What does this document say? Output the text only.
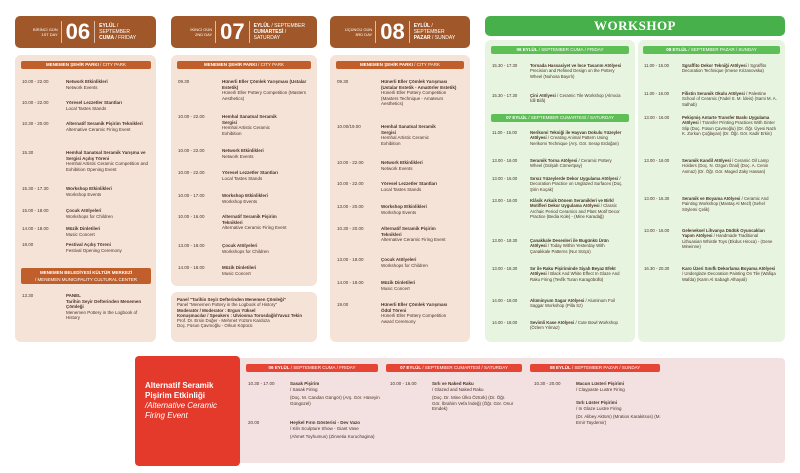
BİRİNCİ GÜN
1ST DAY 06	EYLÜL / SEPTEMBER
CUMA / FRIDAY
İKİNCİ GÜN
2ND DAY 07	EYLÜL / SEPTEMBER
CUMARTESİ / SATURDAY
ÜÇÜNCÜ GÜN
3RD DAY 08	EYLÜL / SEPTEMBER
PAZAR / SUNDAY
MENEMEN ŞEHİR PARKI / CITY PARK
10.00 - 22.00	Network Etkinlikleri
Network Events
10.00 - 22.00	Yöresel Lezzetler Stantları
Local Tastes Stands
10.30 - 20.00	Alternatif Seramik Pişirim Teknikleri
Alternative Ceramic Firing Event
15.30	Hemhal Sanatsal Seramik Yarışma ve Sergisi Açılış Töreni
Hemhal Artistic Ceramic Competition and Exhibition Opening Event
15.30 - 17.30	Workshop Etkinlikleri
Workshop Events
15.00 - 18.00	Çocuk Atölyeleri
Workshops for Children
14.00 - 18.00	Müzik Dinletileri
Music Concert
18.00	Festival Açılış Töreni
Festival Opening Ceremony
MENEMEN BELEDİYESİ KÜLTÜR MERKEZİ
/ MENEMEN MUNICIPALITY CULTURAL CENTER
13.30	PANEL
Tarihin Seyir Defterinden Menemen Çömleği
Menemen Pottery in the Logbook of History
MENEMEN ŞEHİR PARKI / CITY PARK
09.30	Hünerli Eller Çömlek Yarışması (Ustalar Estetik)
Hünerli Eller Pottery Competition (Masters Aesthetics)
10.00 - 22.00	Hemhal Sanatsal Seramik Sergisi
Hemhal Artistic Ceramic Exhibition
10.00 - 22.00	Network Etkinlikleri
Network Events
10.00 - 22.00	Yöresel Lezzetler Stantları
Local Tastes Stands
10.00 - 17.00	Workshop Etkinlikleri
Workshop Events
10.00 - 16.00	Alternatif Seramik Pişirim Teknikleri
Alternative Ceramic Firing Event
13.00 - 18.00	Çocuk Atölyeleri
Workshops for Children
14.00 - 18.00	Müzik Dinletileri
Music Concert
Panel "Tarihin Seyir Defterinden Menemen Çömleği"
Panel "Menemen Pottery in the Logbook of History"
Moderatör / Moderator : Ergun Yüksel
Konuşmacılar / Speakers : Ulviosma Torosdağlı/Yavuz Tekin
Prof. Dr. Ersin Doğer - Mehmet Yüzüm Kardoza
Doç. Füsun Çavmoğlu - Orkun Köpücü
MENEMEN ŞEHİR PARKI / CITY PARK
09.30	Hünerli Eller Çömlek Yarışması (Ustalar Estetik - Amatörler Estetik)
Hünerli Eller Pottery Competition (Masters Technique - Amateurs Aesthetics)
10.00/19.00	Hemhal Sanatsal Seramik Sergisi
Hemhal Artistic Ceramic Exhibition
10.00 - 22.00	Network Etkinlikleri
Network Events
10.00 - 22.00	Yöresel Lezzetler Stantları
Local Tastes Stands
13.00 - 20.00	Workshop Etkinlikleri
Workshop Events
10.30 - 20.00	Alternatif Seramik Pişirim Teknikleri
Alternative Ceramic Firing Event
13.00 - 18.00	Çocuk Atölyeleri
Workshops for Children
14.00 - 18.00	Müzik Dinletileri
Music Concert
19.00	Hünerli Eller Çömlek Yarışması Ödül Töreni
Hünerli Eller Pottery Competition Award Ceremony
WORKSHOP
06 EYLÜL / SEPTEMBER CUMA / FRIDAY
15.30 - 17.30	Tornada Hassasiyet ve İnce Tasarım Atölyesi Precision and Refined Design on the Pottery Wheel (Nuhosa Bayırlı)
15.30 - 17.30	Çini Atölyesi / Ceramic Tile Workshop (Almıcia İdil Bilâ)
07 EYLÜL / SEPTEMBER CUMARTESİ / SATURDAY
11.00 - 15.00	Nerikomi Tekniği ile Hayvan Dokulu Yüzeyler Atölyesi / Creating Animal Pattern Using Nerikomi Technique (Arş. Gör. Serap Erdoğan)
13.00 - 16.00	Seramik Torna Atölyesi / Ceramic Pottery Wheel (Gülşah Cömertpay)
13.00 - 16.00	Sırsız Yüzeylerde Dekor Uygulama Atölyesi / Decoration Practice on Unglazed Surfaces (Doç. Şirin Koçak)
13.00 - 16.00	Klâsik Arkaik Dönem Seramikleri ve Birkl Motifleri Dekor Uygulama Atölyesi / Classic Archaic Period Ceramics and Plant Motif Decor Practice (Bedia Kole) - (Mine Karadağ)
13.00 - 18.30	Çanakkale Desenleri ile Bugünkü Ürün Atölyesi / Today Within Yesterday With Çanakkale Patterns (Nur Sütçü)
13.00 - 18.30	Sır ile Raku Pişiriminde Siyah Beyaz Efekt Atölyesi / Black And White Effect In Glaze And Raku Firing (Tevfik Turan Karagöbüllü)
14.00 - 18.00	Alüminyum Sagar Atölyesi / Aluminum Foil Saggar Workshop (Pilla Sz)
14.00 - 18.00	Sevimli Kase Atölyesi / Cute Bowl Workshop (Özlem Yılmaz)
08 EYLÜL / SEPTEMBER PAZAR / SUNDAY
11.00 - 15.00	Sgraffito Dekor Tekniği Atölyesi / Sgraffito Decoration Technique (Imese Krizanovska)
11.00 - 16.00	Filistin Seramik Okulu Atölyesi / Palestine School of Ceramic (Fadel S. M. İdeis) (Sami M. A. Salhab)
13.00 - 16.00	Pekişmiş Antarte Transfer Baskı Uygulama Atölyesi / Transfer Printing Practices With Sinter Slip (Doç. Füsun Çavmoğlu) (Dr. Öğr. Üyesi Nazlı K. Zorkun Çoğlayan) (Dr. Öğr. Gör. Kadir Erkin)
13.00 - 16.00	Seramik Kandil Atölyesi / Ceramic Oil Lamp Holders (Doç. N. Ozgun Önal) (Doç. A. Cenin Asmaz) (Dr. Öğr. Gör. Maged Zaky Hassan)
13.00 - 16.30	Seramik ve Boyama Atölyesi / Ceramic And Painting Workshop (Mantaş Al Mezl) (Sehel Söylemi Çelik)
13.00 - 16.00	Geleneksel Lihvanya Düdük Oyuncakları Yapım Atölyesi / Handmade Traditional Lithuanian Whistle Toys (Ekdus Hiroca) - (Gene Mineinne)
16.30 - 20.30	Karo Üzeri Sınıflı Dekorlama Boyama Atölyesi / Underglaze Decoration Painting On Tile (Wafiqa Wafda) (Karm Al Sabagh Alhayali)
Alternatif Seramik
Pişirim Etkinliği
/Alternative Ceramic
Firing Event
06 EYLÜL / SEPTEMBER CUMA / FRIDAY	07 EYLÜL / SEPTEMBER CUMARTESİ / SATURDAY	08 EYLÜL / SEPTEMBER PAZAR / SUNDAY
10.30 - 17.00	Sasak Pişirim
/ Sasak Firing
(Doç. M. Candan Güngör) (Arş. Gör. Hüseyin Güngüzel)
20.00	Heykel Fırın Gösterisi - Dev Vazo
/ Kiln Sculpture Show - Giant Vase
(Ahmet Toyhumus) (Zinnetia Kuruchagina)
10.00 - 16.00	Sırlı ve Naked Raku
/ Glazed and Naked Raku
(Doç. Dr. Mine Ülkü Öztürk) (Dr. Öğr. Gör. İbrahim Vefa İndeğ) (Öğr. Gör. Onur Emdek)
10.30 - 20.00	Macun Lüsteri Pişirimi
/ Claypaste Lustre Firing
Sırlı Lüster Pişirimi
/ In Glaze Lustre Firing
(Dr. Alibey Aktüm) (Mratios Karakitsos) (M. Emir Taydemir)
